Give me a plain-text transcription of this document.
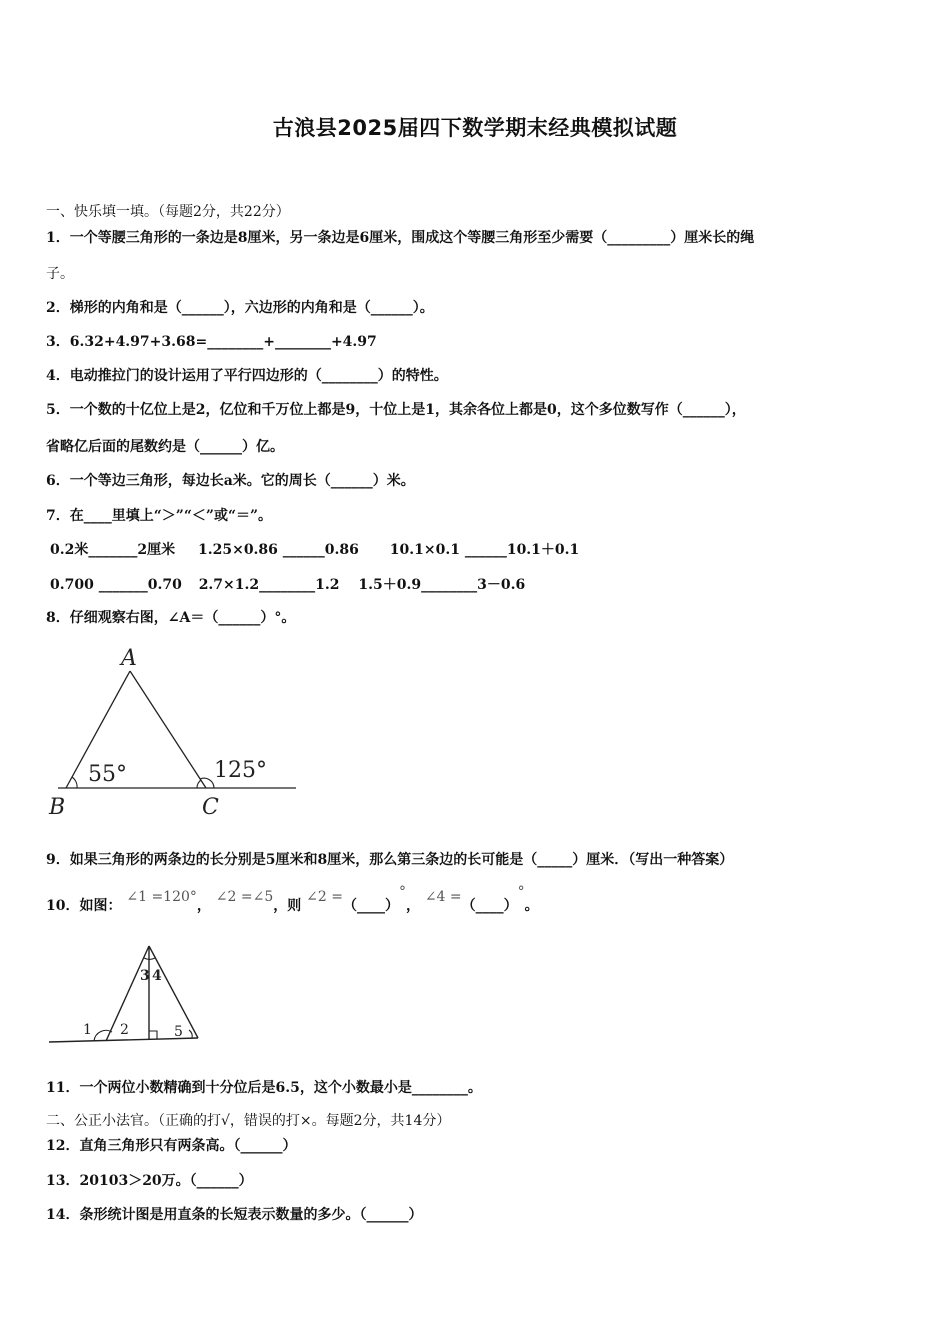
古浪县2025届四下数学期末经典模拟试题
一、快乐填一填。（每题2分，共22分）
1．一个等腰三角形的一条边是8厘米，另一条边是6厘米，围成这个等腰三角形至少需要（_________）厘米长的绳
子。
2．梯形的内角和是（______），六边形的内角和是（______）。
3．6.32+4.97+3.68=________+________+4.97
4．电动推拉门的设计运用了平行四边形的（________）的特性。
5．一个数的十亿位上是2，亿位和千万位上都是9，十位上是1，其余各位上都是0，这个多位数写作（______），
省略亿后面的尾数约是（______）亿。
6．一个等边三角形，每边长a米。它的周长（______）米。
7．在____里填上“＞”“＜”或“＝”。
0.2米_______2厘米 1.25×0.86 ______0.86 10.1×0.1 ______10.1＋0.1
0.700 _______0.70 2.7×1.2________1.2 1.5＋0.9________3－0.6
8．仔细观察右图，∠A＝（______）°。
A
B	C
55°	125°
9．如果三角形的两条边的长分别是5厘米和8厘米，那么第三条边的长可能是（_____）厘米．（写出一种答案）
10．如图： ∠1 =120°， ∠2 =∠5，则 ∠2 =（____）°， ∠4 =（____）°。
1 2
3 4
5
11．一个两位小数精确到十分位后是6.5，这个小数最小是________。
二、公正小法官。（正确的打√，错误的打×。每题2分，共14分）
12．直角三角形只有两条高。（______）
13．20103＞20万。（______）
14．条形统计图是用直条的长短表示数量的多少。（______）
